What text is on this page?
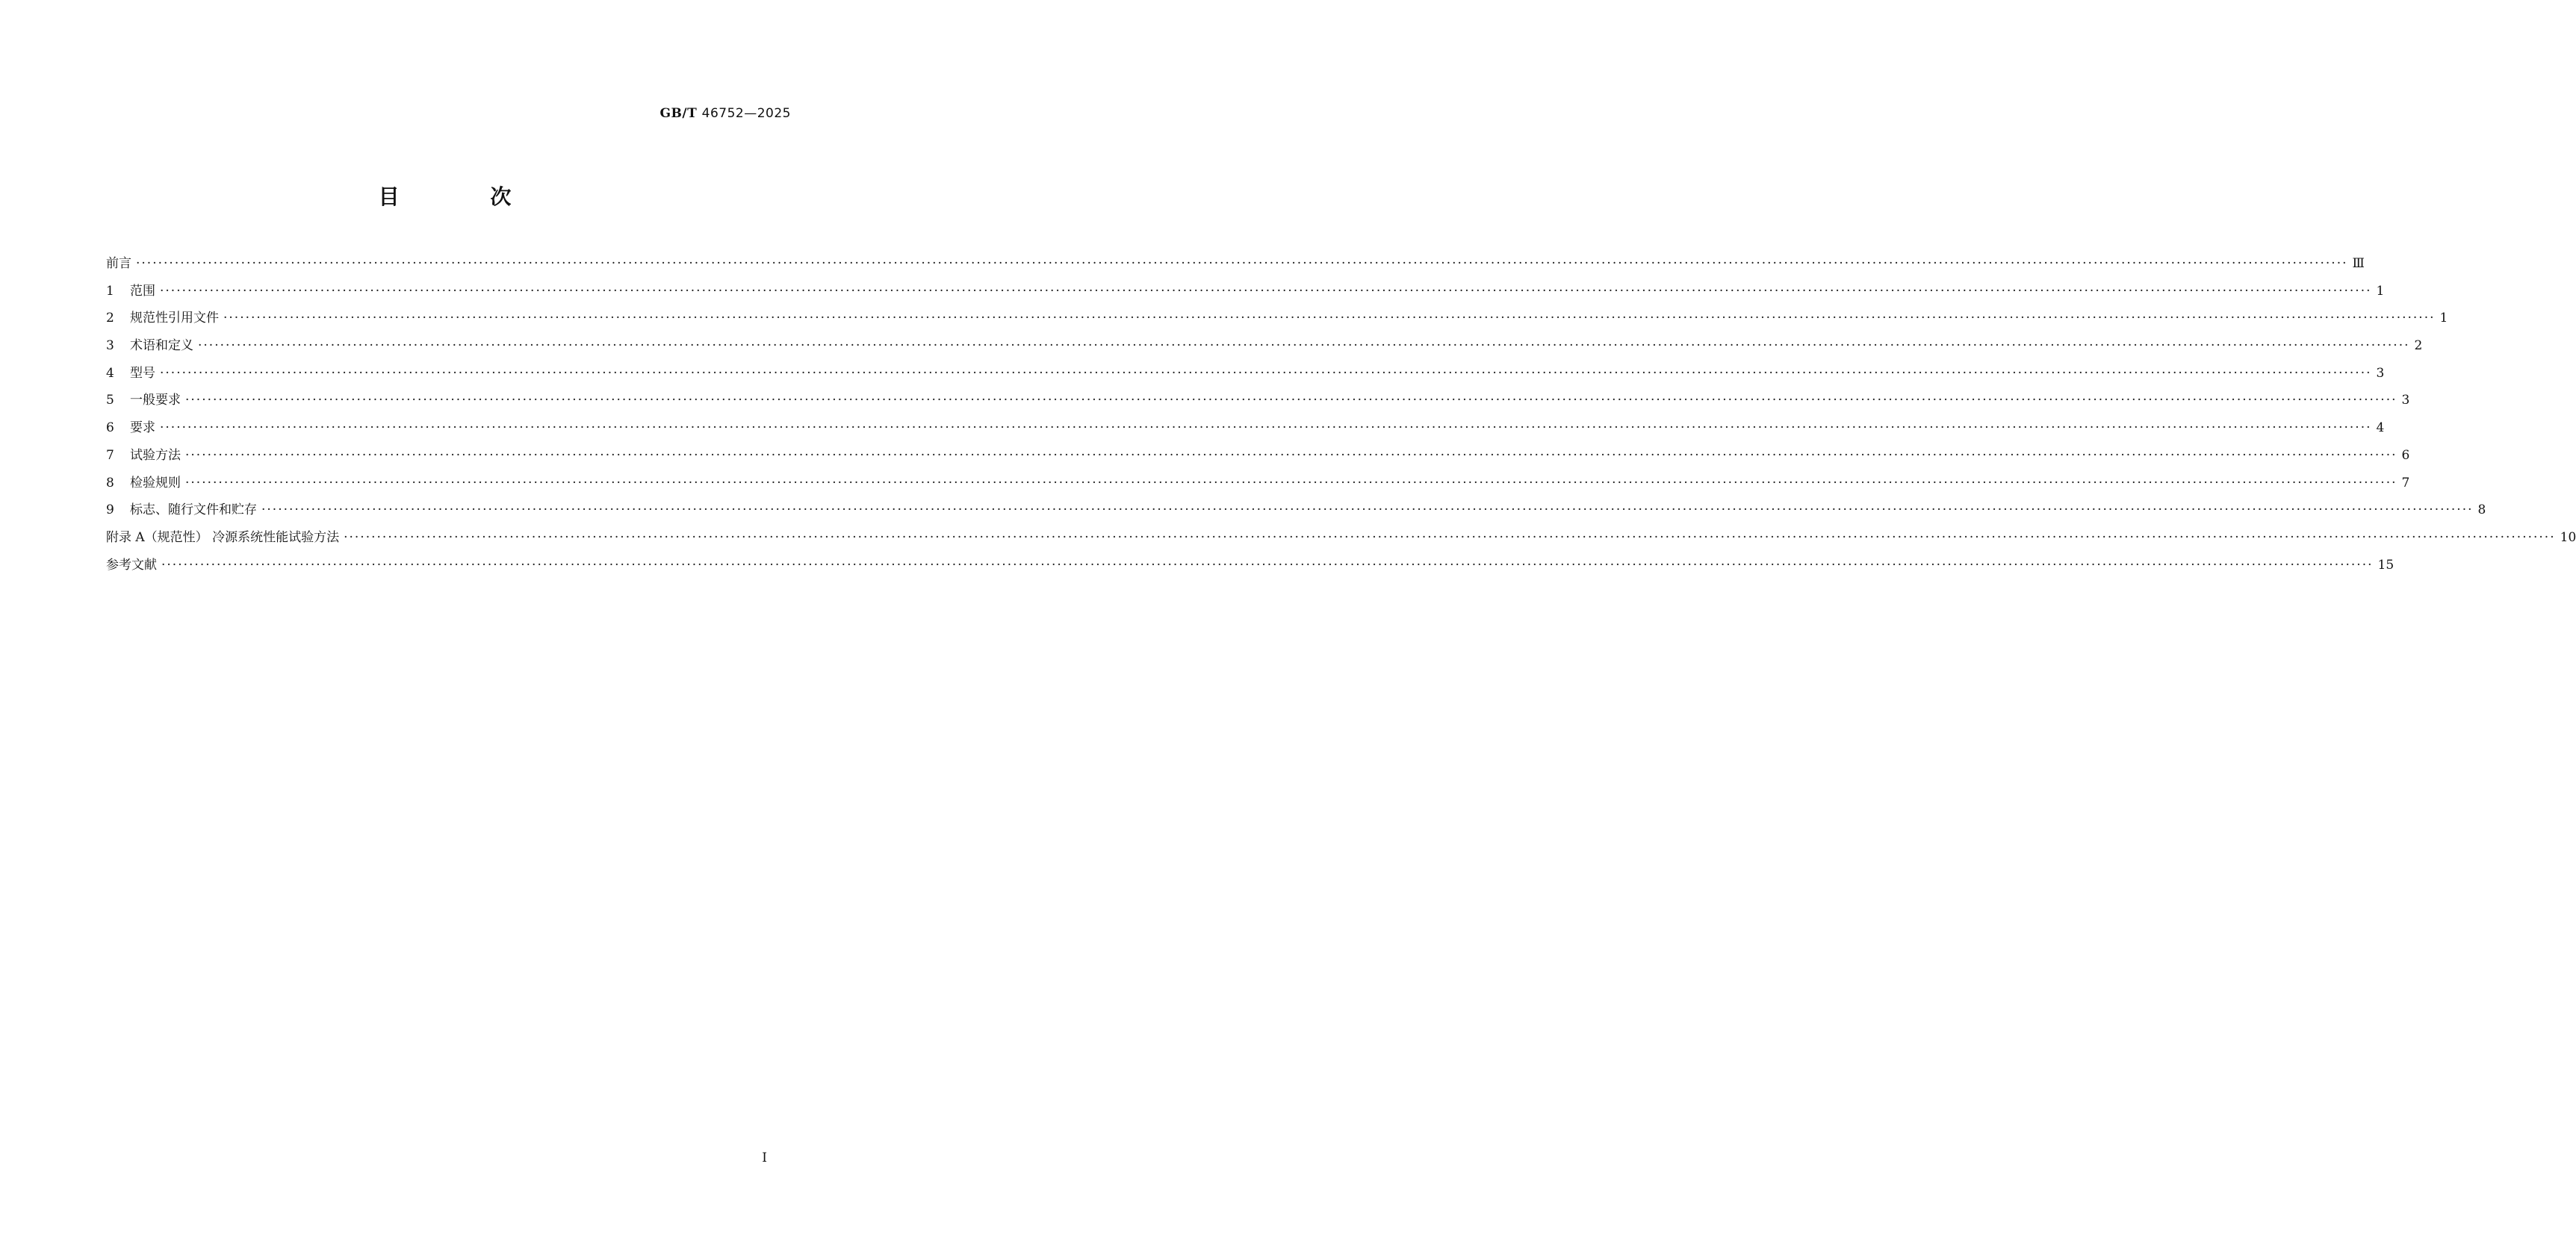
GB/T 46752—2025
目 次
前言 ················································································································································································································································································································································································································ Ⅲ
1	范围 ················································································································································································································································································································································································································ 1
2	规范性引用文件 ················································································································································································································································································································································································································ 1
3	术语和定义 ················································································································································································································································································································································································································ 2
4	型号 ················································································································································································································································································································································································································ 3
5	一般要求 ················································································································································································································································································································································································································ 3
6	要求 ················································································································································································································································································································································································································ 4
7	试验方法 ················································································································································································································································································································································································································ 6
8	检验规则 ················································································································································································································································································································································································································ 7
9	标志、随行文件和贮存 ················································································································································································································································································································································································································ 8
附录 A（规范性） 冷源系统性能试验方法 ················································································································································································································································································································································································································ 10
参考文献 ················································································································································································································································································································································································································ 15
I
